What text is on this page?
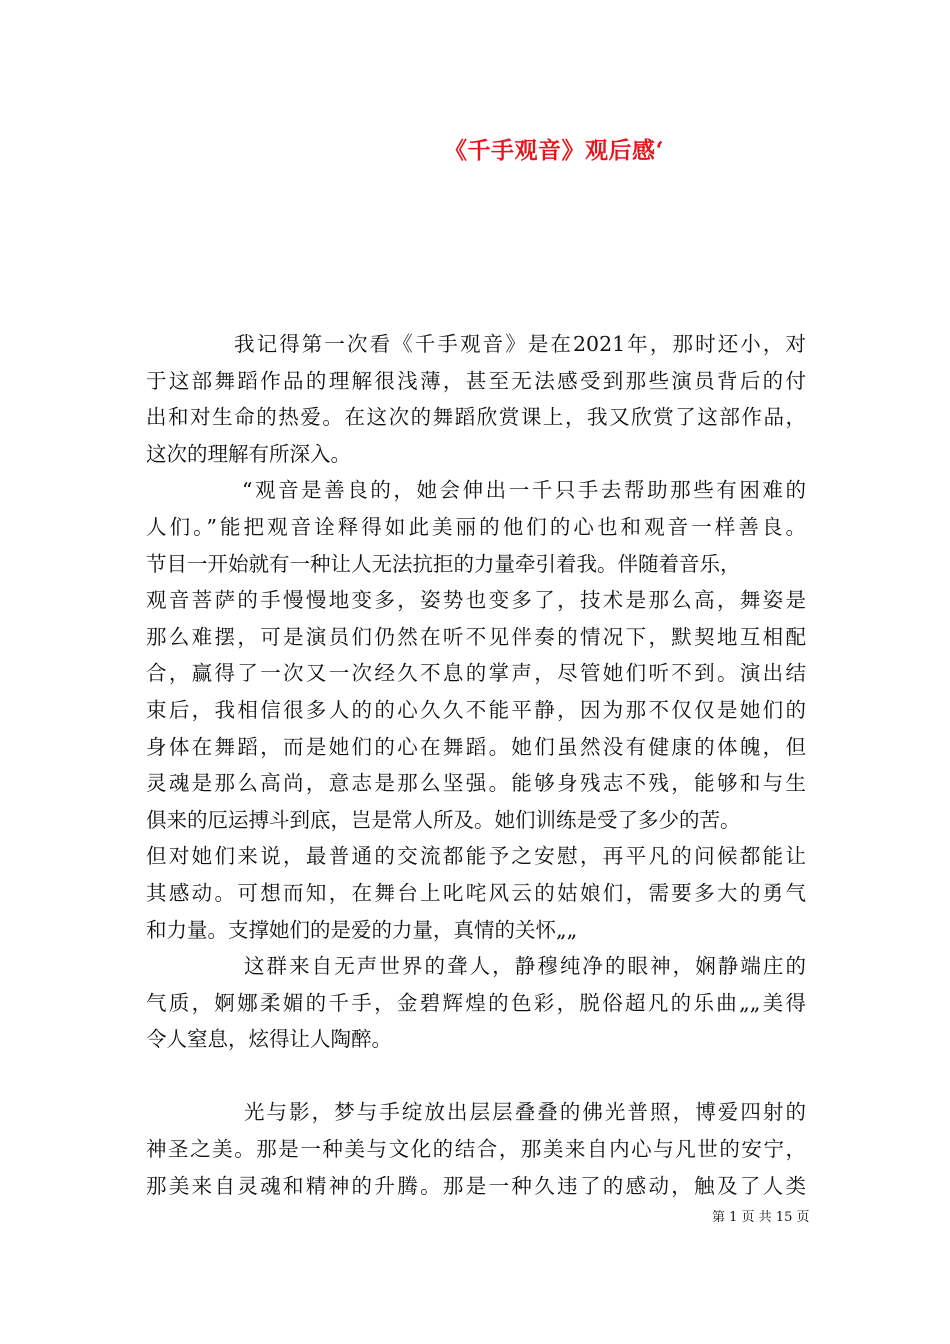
《千手观音》观后感‘
我记得第一次看《千手观音》是在2021年，那时还小，对
于这部舞蹈作品的理解很浅薄，甚至无法感受到那些演员背后的付
出和对生命的热爱。在这次的舞蹈欣赏课上，我又欣赏了这部作品，
这次的理解有所深入。
“观音是善良的，她会伸出一千只手去帮助那些有困难的
人们。”能把观音诠释得如此美丽的他们的心也和观音一样善良。
节目一开始就有一种让人无法抗拒的力量牵引着我。伴随着音乐，
观音菩萨的手慢慢地变多，姿势也变多了，技术是那么高，舞姿是
那么难摆，可是演员们仍然在听不见伴奏的情况下，默契地互相配
合，赢得了一次又一次经久不息的掌声，尽管她们听不到。演出结
束后，我相信很多人的的心久久不能平静，因为那不仅仅是她们的
身体在舞蹈，而是她们的心在舞蹈。她们虽然没有健康的体魄，但
灵魂是那么高尚，意志是那么坚强。能够身残志不残，能够和与生
俱来的厄运搏斗到底，岂是常人所及。她们训练是受了多少的苦。
但对她们来说，最普通的交流都能予之安慰，再平凡的问候都能让
其感动。可想而知，在舞台上叱咤风云的姑娘们，需要多大的勇气
和力量。支撑她们的是爱的力量，真情的关怀„„
这群来自无声世界的聋人，静穆纯净的眼神，娴静端庄的
气质，婀娜柔媚的千手，金碧辉煌的色彩，脱俗超凡的乐曲„„美得
令人窒息，炫得让人陶醉。
光与影，梦与手绽放出层层叠叠的佛光普照，博爱四射的
神圣之美。那是一种美与文化的结合，那美来自内心与凡世的安宁，
那美来自灵魂和精神的升腾。那是一种久违了的感动，触及了人类
第 1 页 共 15 页
